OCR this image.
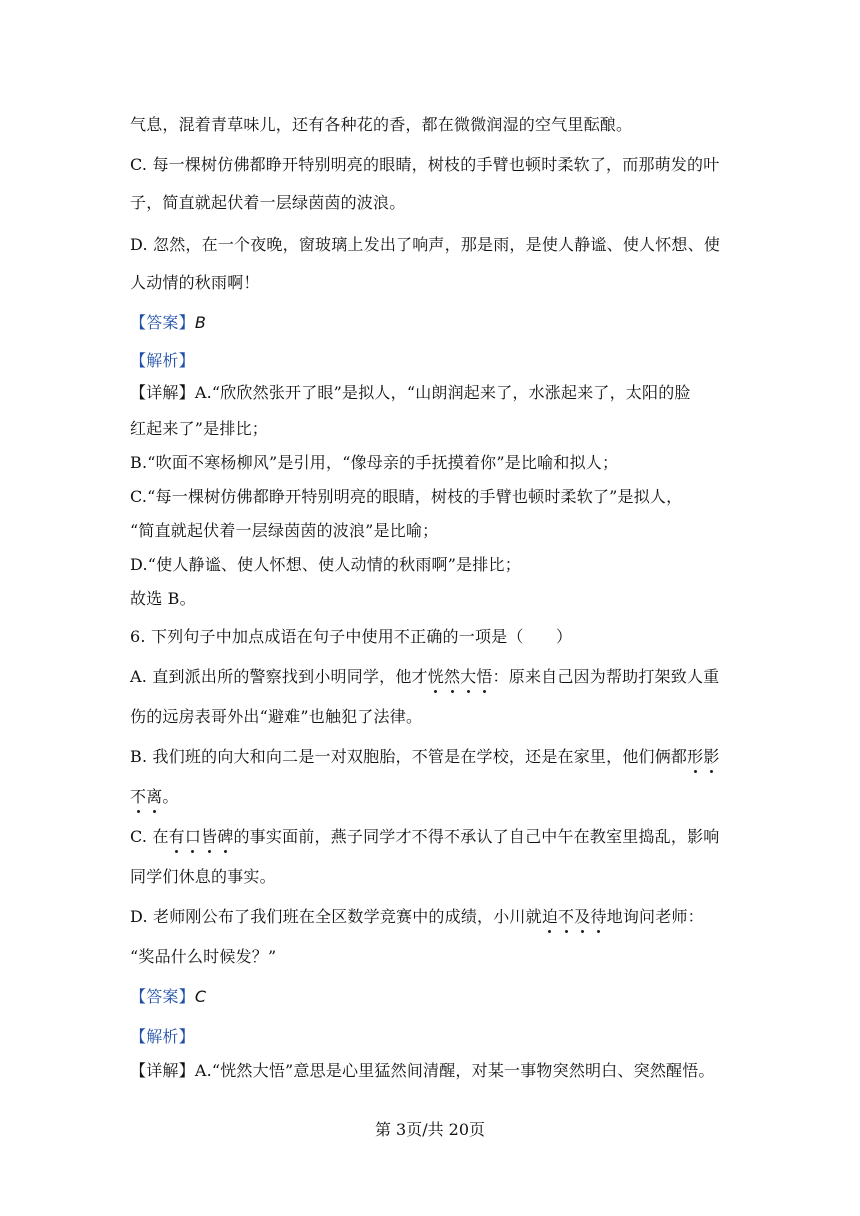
气息，混着青草味儿，还有各种花的香，都在微微润湿的空气里酝酿。
C. 每一棵树仿佛都睁开特别明亮的眼睛，树枝的手臂也顿时柔软了，而那萌发的叶
子，简直就起伏着一层绿茵茵的波浪。
D. 忽然，在一个夜晚，窗玻璃上发出了响声，那是雨，是使人静谧、使人怀想、使
人动情的秋雨啊！
【答案】B
【解析】
【详解】A.“欣欣然张开了眼”是拟人，“山朗润起来了，水涨起来了，太阳的脸
红起来了”是排比；
B.“吹面不寒杨柳风”是引用，“像母亲的手抚摸着你”是比喻和拟人；
C.“每一棵树仿佛都睁开特别明亮的眼睛，树枝的手臂也顿时柔软了”是拟人，
“简直就起伏着一层绿茵茵的波浪”是比喻；
D.“使人静谧、使人怀想、使人动情的秋雨啊”是排比；
故选 B。
6. 下列句子中加点成语在句子中使用不正确的一项是（　　）
A. 直到派出所的警察找到小明同学，他才恍然大悟：原来自己因为帮助打架致人重
伤的远房表哥外出“避难”也触犯了法律。
B. 我们班的向大和向二是一对双胞胎，不管是在学校，还是在家里，他们俩都形影
不离。
C. 在有口皆碑的事实面前，燕子同学才不得不承认了自己中午在教室里捣乱，影响
同学们休息的事实。
D. 老师刚公布了我们班在全区数学竞赛中的成绩，小川就迫不及待地询问老师：
“奖品什么时候发？”
【答案】C
【解析】
【详解】A.“恍然大悟”意思是心里猛然间清醒，对某一事物突然明白、突然醒悟。
第 3页/共 20页
